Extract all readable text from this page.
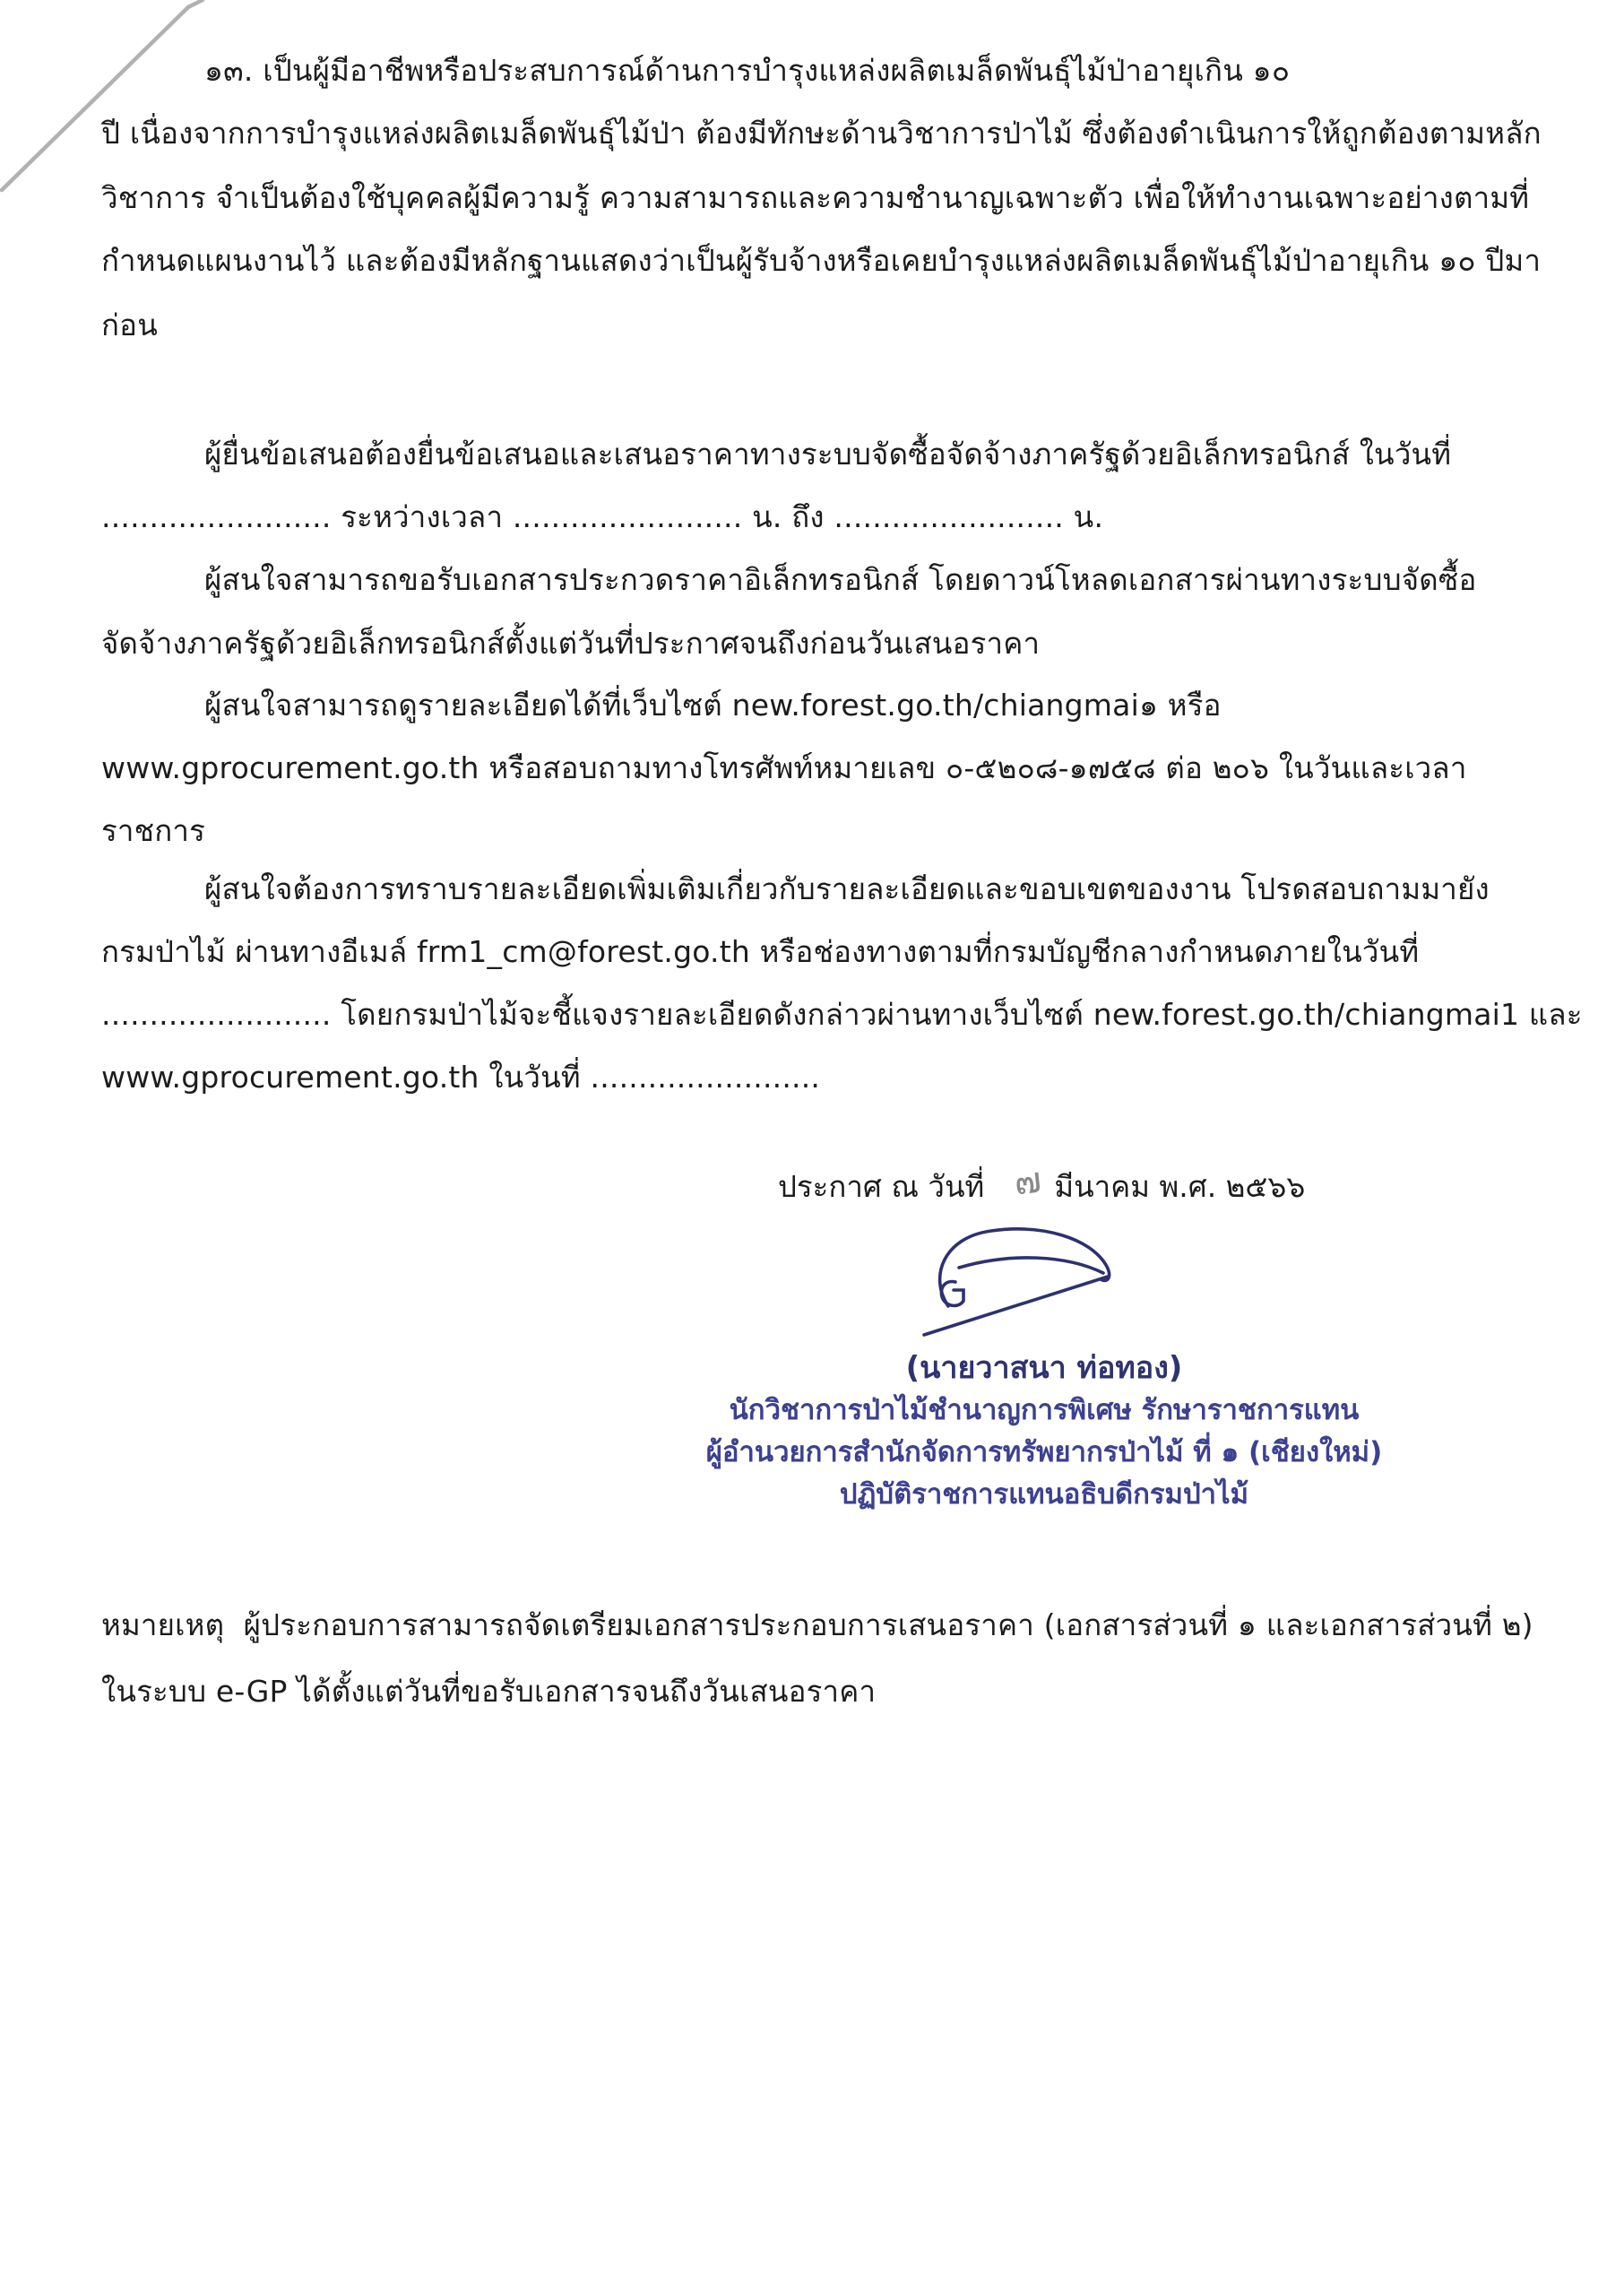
๑๓. เป็นผู้มีอาชีพหรือประสบการณ์ด้านการบำรุงแหล่งผลิตเมล็ดพันธุ์ไม้ป่าอายุเกิน ๑๐
ปี เนื่องจากการบำรุงแหล่งผลิตเมล็ดพันธุ์ไม้ป่า ต้องมีทักษะด้านวิชาการป่าไม้ ซึ่งต้องดำเนินการให้ถูกต้องตามหลัก
วิชาการ จำเป็นต้องใช้บุคคลผู้มีความรู้ ความสามารถและความชำนาญเฉพาะตัว เพื่อให้ทำงานเฉพาะอย่างตามที่
กำหนดแผนงานไว้ และต้องมีหลักฐานแสดงว่าเป็นผู้รับจ้างหรือเคยบำรุงแหล่งผลิตเมล็ดพันธุ์ไม้ป่าอายุเกิน ๑๐ ปีมา
ก่อน
ผู้ยื่นข้อเสนอต้องยื่นข้อเสนอและเสนอราคาทางระบบจัดซื้อจัดจ้างภาครัฐด้วยอิเล็กทรอนิกส์ ในวันที่
........................ ระหว่างเวลา ........................ น. ถึง ........................ น.
ผู้สนใจสามารถขอรับเอกสารประกวดราคาอิเล็กทรอนิกส์ โดยดาวน์โหลดเอกสารผ่านทางระบบจัดซื้อ
จัดจ้างภาครัฐด้วยอิเล็กทรอนิกส์ตั้งแต่วันที่ประกาศจนถึงก่อนวันเสนอราคา
ผู้สนใจสามารถดูรายละเอียดได้ที่เว็บไซต์ new.forest.go.th/chiangmai๑ หรือ
www.gprocurement.go.th หรือสอบถามทางโทรศัพท์หมายเลข ๐-๕๒๐๘-๑๗๕๘ ต่อ ๒๐๖ ในวันและเวลา
ราชการ
ผู้สนใจต้องการทราบรายละเอียดเพิ่มเติมเกี่ยวกับรายละเอียดและขอบเขตของงาน โปรดสอบถามมายัง
กรมป่าไม้ ผ่านทางอีเมล์ frm1_cm@forest.go.th หรือช่องทางตามที่กรมบัญชีกลางกำหนดภายในวันที่
........................ โดยกรมป่าไม้จะชี้แจงรายละเอียดดังกล่าวผ่านทางเว็บไซต์ new.forest.go.th/chiangmai1 และ
www.gprocurement.go.th ในวันที่ ........................

ประกาศ ณ วันที่ ๗ มีนาคม พ.ศ. ๒๕๖๖

(นายวาสนา ท่อทอง)
นักวิชาการป่าไม้ชำนาญการพิเศษ รักษาราชการแทน
ผู้อำนวยการสำนักจัดการทรัพยากรป่าไม้ ที่ ๑ (เชียงใหม่)
ปฏิบัติราชการแทนอธิบดีกรมป่าไม้
หมายเหตุ  ผู้ประกอบการสามารถจัดเตรียมเอกสารประกอบการเสนอราคา (เอกสารส่วนที่ ๑ และเอกสารส่วนที่ ๒)
ในระบบ e-GP ได้ตั้งแต่วันที่ขอรับเอกสารจนถึงวันเสนอราคา
